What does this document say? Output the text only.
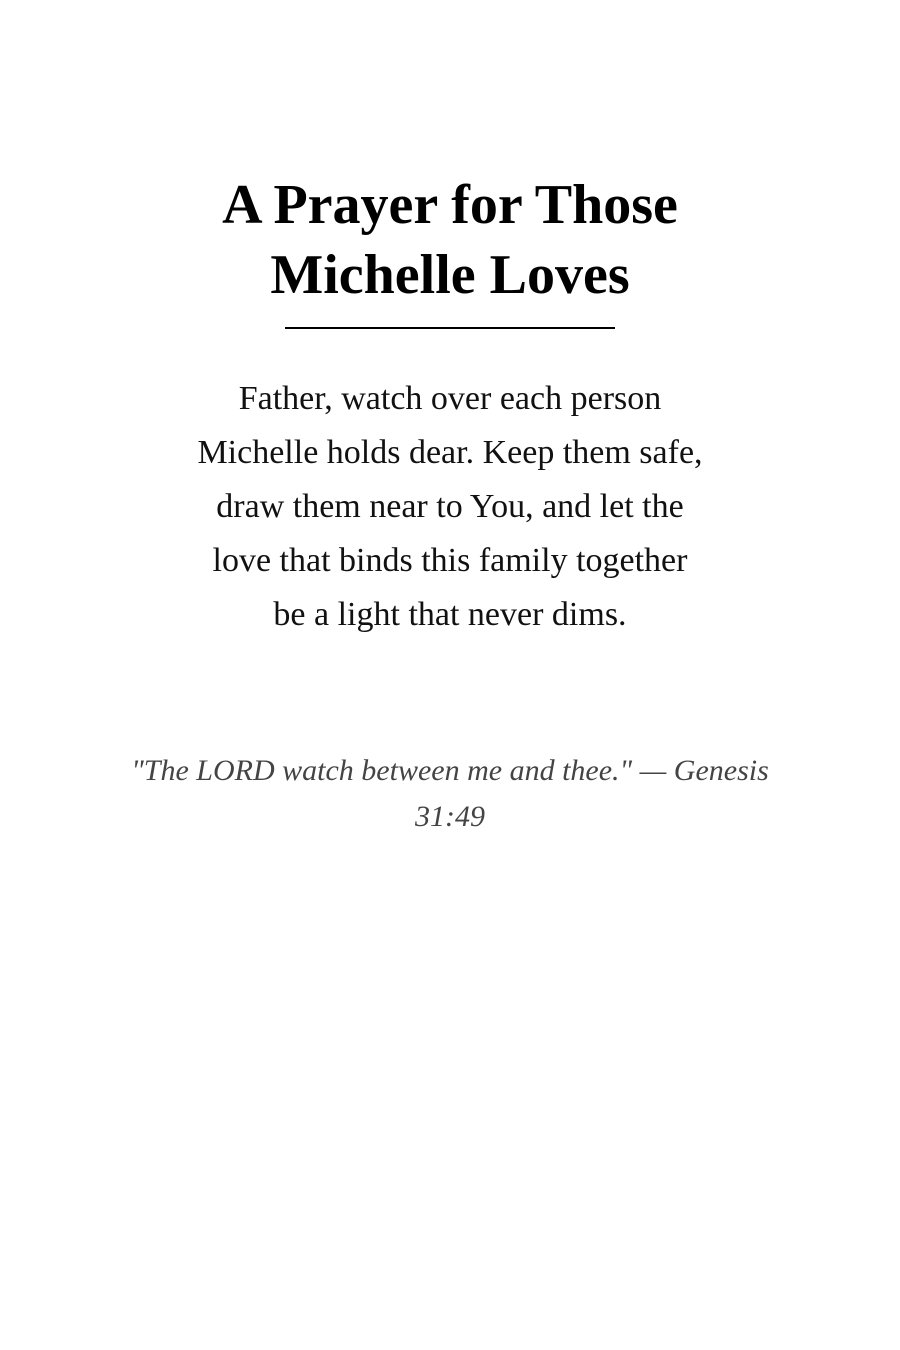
A Prayer for Those Michelle Loves

Father, watch over each person Michelle holds dear. Keep them safe, draw them near to You, and let the love that binds this family together be a light that never dims.

"The LORD watch between me and thee." — Genesis 31:49
